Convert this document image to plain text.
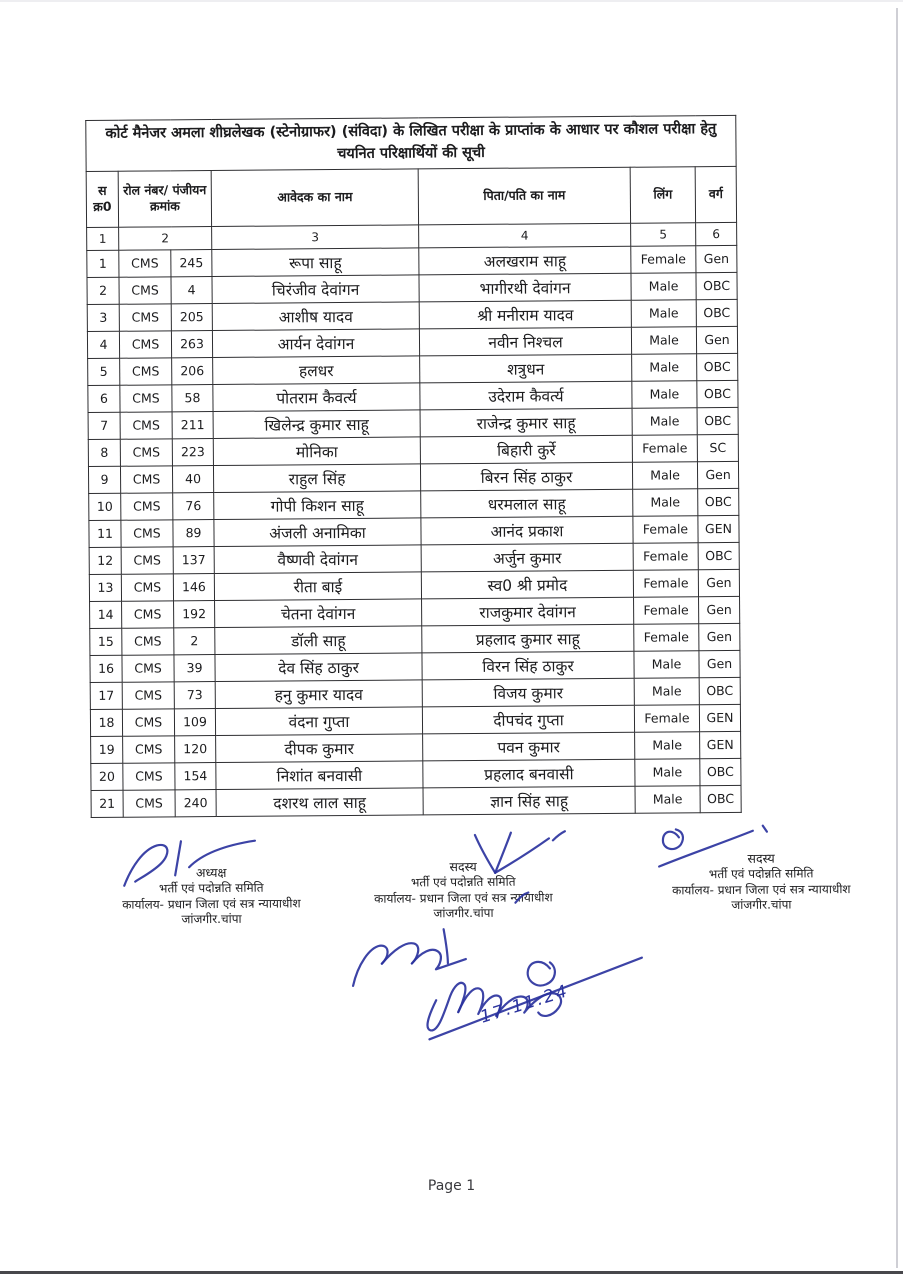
कोर्ट मैनेजर अमला शीघ्रलेखक (स्टेनोग्राफर) (संविदा) के लिखित परीक्षा के प्राप्तांक के आधार पर कौशल परीक्षा हेतु चयनित परिक्षार्थियों की सूची						
स क्र0	रोल नंबर/ पंजीयन क्रमांक		आवेदक का नाम	पिता/पति का नाम	लिंग	वर्ग
1	2		3	4	5	6
1	CMS	245	रूपा साहू	अलखराम साहू	Female	Gen
2	CMS	4	चिरंजीव देवांगन	भागीरथी देवांगन	Male	OBC
3	CMS	205	आशीष यादव	श्री मनीराम यादव	Male	OBC
4	CMS	263	आर्यन देवांगन	नवीन निश्चल	Male	Gen
5	CMS	206	हलधर	शत्रुधन	Male	OBC
6	CMS	58	पोतराम कैवर्त्य	उदेराम कैवर्त्य	Male	OBC
7	CMS	211	खिलेन्द्र कुमार साहू	राजेन्द्र कुमार साहू	Male	OBC
8	CMS	223	मोनिका	बिहारी कुर्रे	Female	SC
9	CMS	40	राहुल सिंह	बिरन सिंह ठाकुर	Male	Gen
10	CMS	76	गोपी किशन साहू	धरमलाल साहू	Male	OBC
11	CMS	89	अंजली अनामिका	आनंद प्रकाश	Female	GEN
12	CMS	137	वैष्णवी देवांगन	अर्जुन कुमार	Female	OBC
13	CMS	146	रीता बाई	स्व0 श्री प्रमोद	Female	Gen
14	CMS	192	चेतना देवांगन	राजकुमार देवांगन	Female	Gen
15	CMS	2	डॉली साहू	प्रहलाद कुमार साहू	Female	Gen
16	CMS	39	देव सिंह ठाकुर	विरन सिंह ठाकुर	Male	Gen
17	CMS	73	हनु कुमार यादव	विजय कुमार	Male	OBC
18	CMS	109	वंदना गुप्ता	दीपचंद गुप्ता	Female	GEN
19	CMS	120	दीपक कुमार	पवन कुमार	Male	GEN
20	CMS	154	निशांत बनवासी	प्रहलाद बनवासी	Male	OBC
21	CMS	240	दशरथ लाल साहू	ज्ञान सिंह साहू	Male	OBC
अध्यक्ष
भर्ती एवं पदोन्नति समिति
कार्यालय- प्रधान जिला एवं सत्र न्यायाधीश
जांजगीर.चांपा
सदस्य
भर्ती एवं पदोन्नति समिति
कार्यालय- प्रधान जिला एवं सत्र न्यायाधीश
जांजगीर.चांपा
सदस्य
भर्ती एवं पदोन्नति समिति
कार्यालय- प्रधान जिला एवं सत्र न्यायाधीश
जांजगीर.चांपा
17.11.24
Page 1
